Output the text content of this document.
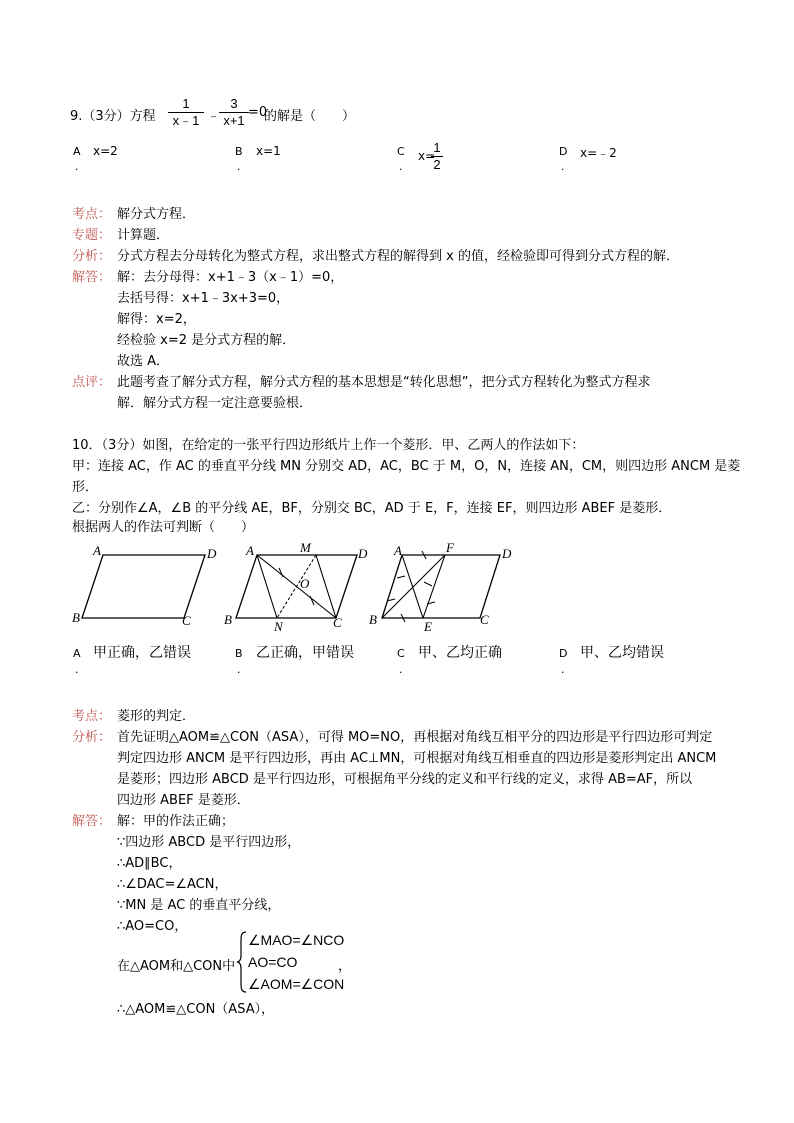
9.（3分）方程
1
x﹣1 ﹣
3
x+1
=0
的解是（　　）
A x=2
.
B x=1
.
C x=
1
2
.
D x=﹣2
.
考点： 解分式方程．
专题： 计算题．
分析： 分式方程去分母转化为整式方程，求出整式方程的解得到 x 的值，经检验即可得到分式方程的解．
解答： 解：去分母得：x+1﹣3（x﹣1）=0，
去括号得：x+1﹣3x+3=0，
解得：x=2，
经检验 x=2 是分式方程的解．
故选 A．
点评： 此题考查了解分式方程，解分式方程的基本思想是“转化思想”，把分式方程转化为整式方程求
解．解分式方程一定注意要验根．
10．（3分）如图，在给定的一张平行四边形纸片上作一个菱形．甲、乙两人的作法如下：
甲：连接 AC，作 AC 的垂直平分线 MN 分别交 AD，AC，BC 于 M，O，N，连接 AN，CM，则四边形 ANCM 是菱
形．
乙：分别作∠A，∠B 的平分线 AE，BF，分别交 BC，AD 于 E，F，连接 EF，则四边形 ABEF 是菱形．
根据两人的作法可判断（　　）
A	D
B	C
A	M	D
O
B	N	C
A	F	D
B	E	C
A 甲正确，乙错误
.
B 乙正确，甲错误
.
C 甲、乙均正确
.
D 甲、乙均错误
.
考点： 菱形的判定．
分析： 首先证明△AOM≌△CON（ASA），可得 MO=NO，再根据对角线互相平分的四边形是平行四边形可判定
判定四边形 ANCM 是平行四边形，再由 AC⊥MN，可根据对角线互相垂直的四边形是菱形判定出 ANCM
是菱形；四边形 ABCD 是平行四边形，可根据角平分线的定义和平行线的定义，求得 AB=AF，所以
四边形 ABEF 是菱形．
解答： 解：甲的作法正确；
∵四边形 ABCD 是平行四边形，
∴AD∥BC，
∴∠DAC=∠ACN，
∵MN 是 AC 的垂直平分线，
∴AO=CO，
在△AOM和△CON中
∠MAO=∠NCO
AO=CO
∠AOM=∠CON
，
∴△AOM≌△CON（ASA），
